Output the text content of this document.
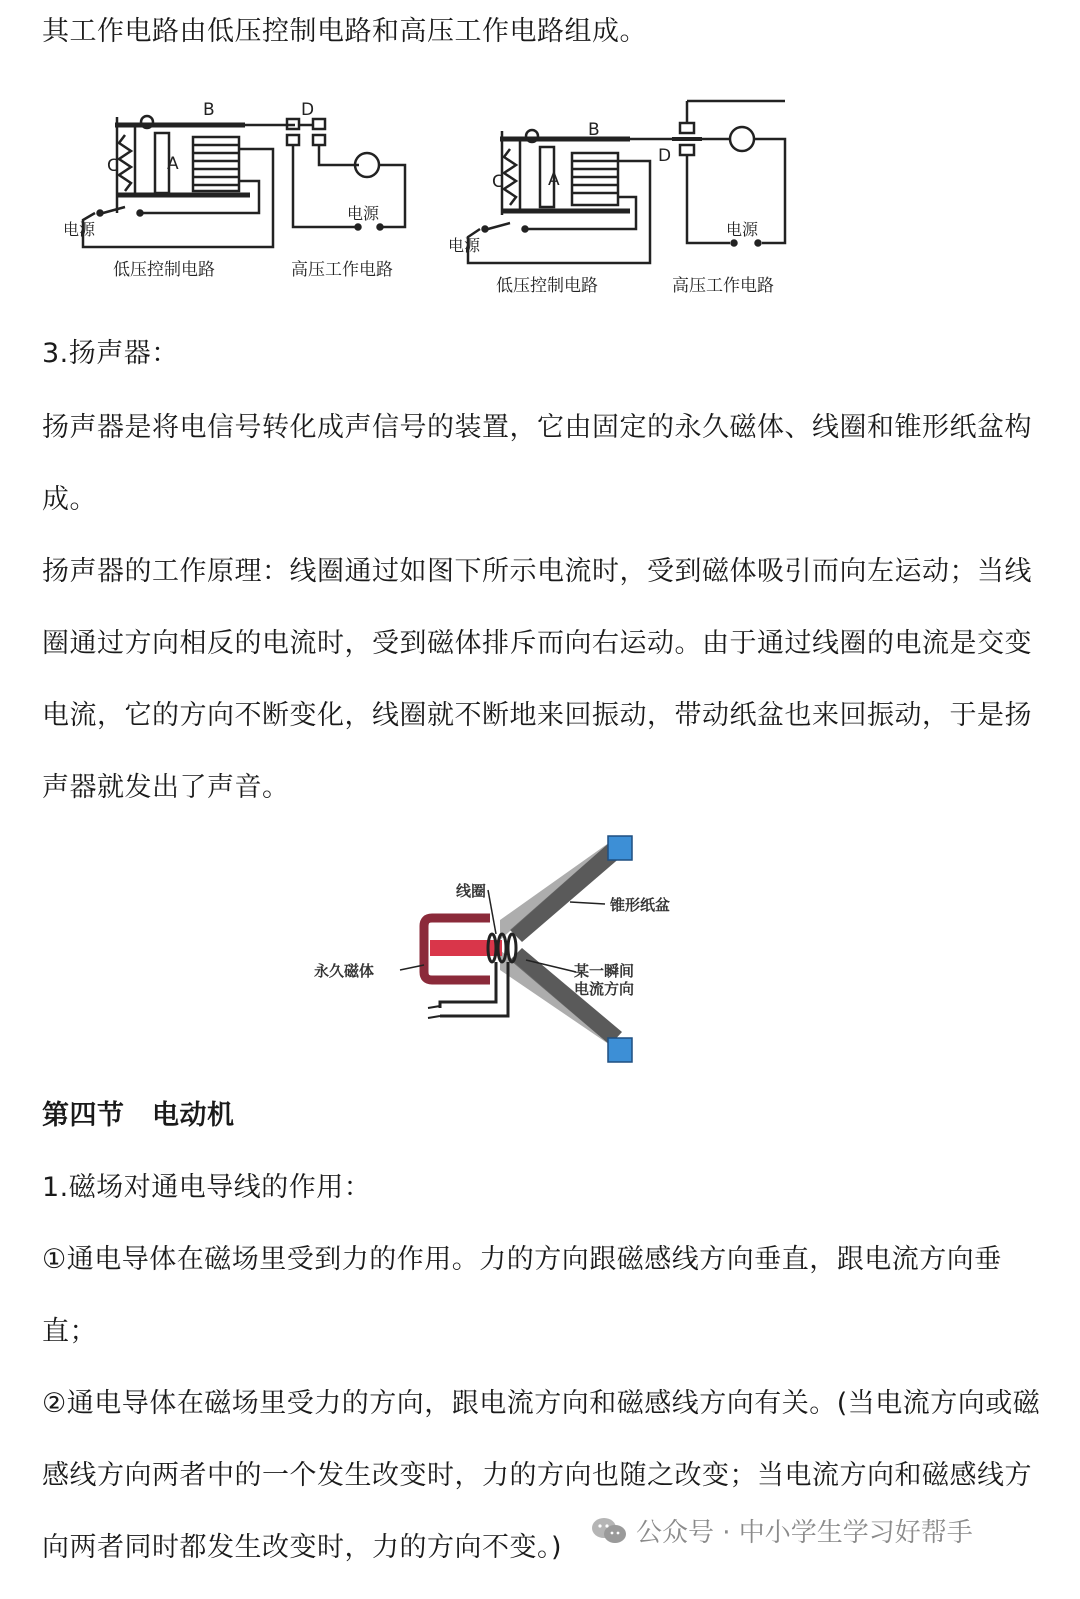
其工作电路由低压控制电路和高压工作电路组成。

B	D
C	A
电源
电源
低压控制电路	高压工作电路
B
D
C	A
电源
电源
低压控制电路	高压工作电路

3.扬声器：

扬声器是将电信号转化成声信号的装置，它由固定的永久磁体、线圈和锥形纸盆构成。

扬声器的工作原理：线圈通过如图下所示电流时，受到磁体吸引而向左运动；当线圈通过方向相反的电流时，受到磁体排斥而向右运动。由于通过线圈的电流是交变电流，它的方向不断变化，线圈就不断地来回振动，带动纸盆也来回振动，于是扬声器就发出了声音。

线圈
锥形纸盆
永久磁体	某一瞬间
电流方向

第四节　电动机

1.磁场对通电导线的作用：

①通电导体在磁场里受到力的作用。力的方向跟磁感线方向垂直，跟电流方向垂直；

②通电导体在磁场里受力的方向，跟电流方向和磁感线方向有关。(当电流方向或磁感线方向两者中的一个发生改变时，力的方向也随之改变；当电流方向和磁感线方向两者同时都发生改变时，力的方向不变。)	公众号 · 中小学生学习好帮手
